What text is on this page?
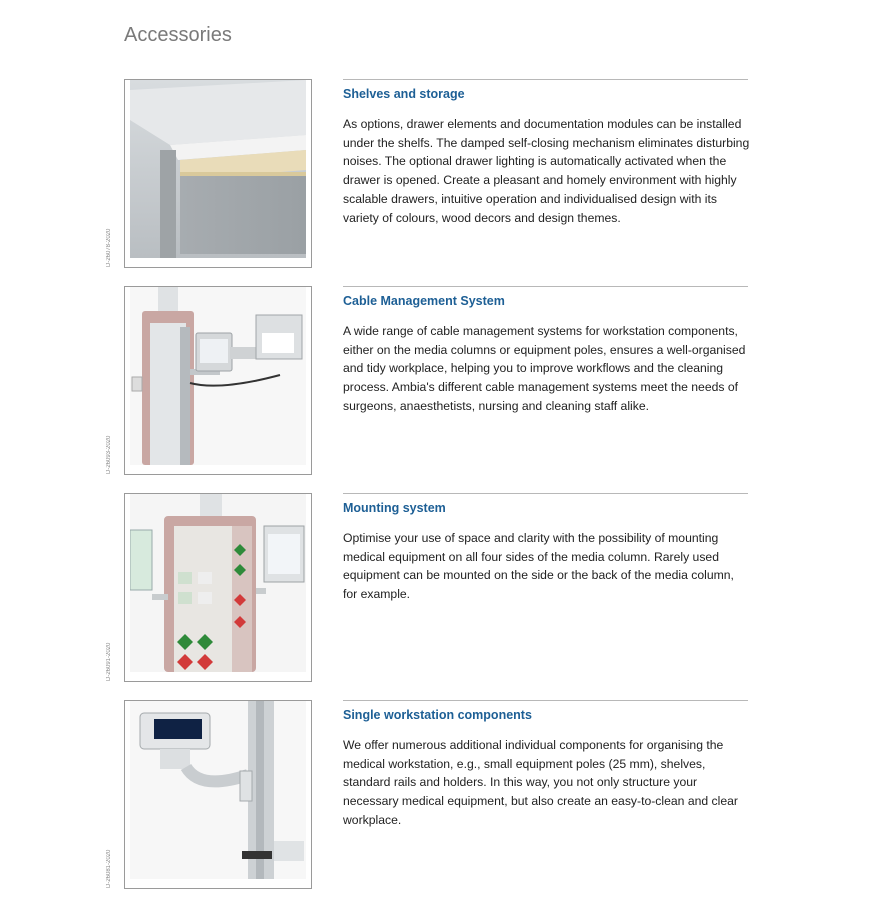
Accessories
D-26078-2020
Shelves and storage
As options, drawer elements and documentation modules can be installed under the shelfs. The damped self-closing mechanism eliminates disturbing noises. The optional drawer lighting is automatically activated when the drawer is opened. Create a pleasant and homely environment with highly scalable drawers, intuitive operation and individualised design with its variety of colours, wood decors and design themes.
D-26093-2020
Cable Management System
A wide range of cable management systems for workstation components, either on the media columns or equipment poles, ensures a well-organised and tidy workplace, helping you to improve workflows and the cleaning process. Ambia's different cable management systems meet the needs of surgeons, anaesthetists, nursing and cleaning staff alike.
D-26091-2020
Mounting system
Optimise your use of space and clarity with the possibility of mounting medical equipment on all four sides of the media column. Rarely used equipment can be mounted on the side or the back of the media column, for example.
D-26081-2020
Single workstation components
We offer numerous additional individual components for organising the medical workstation, e.g., small equipment poles (25 mm), shelves, standard rails and holders. In this way, you not only structure your necessary medical equipment, but also create an easy-to-clean and clear workplace.
